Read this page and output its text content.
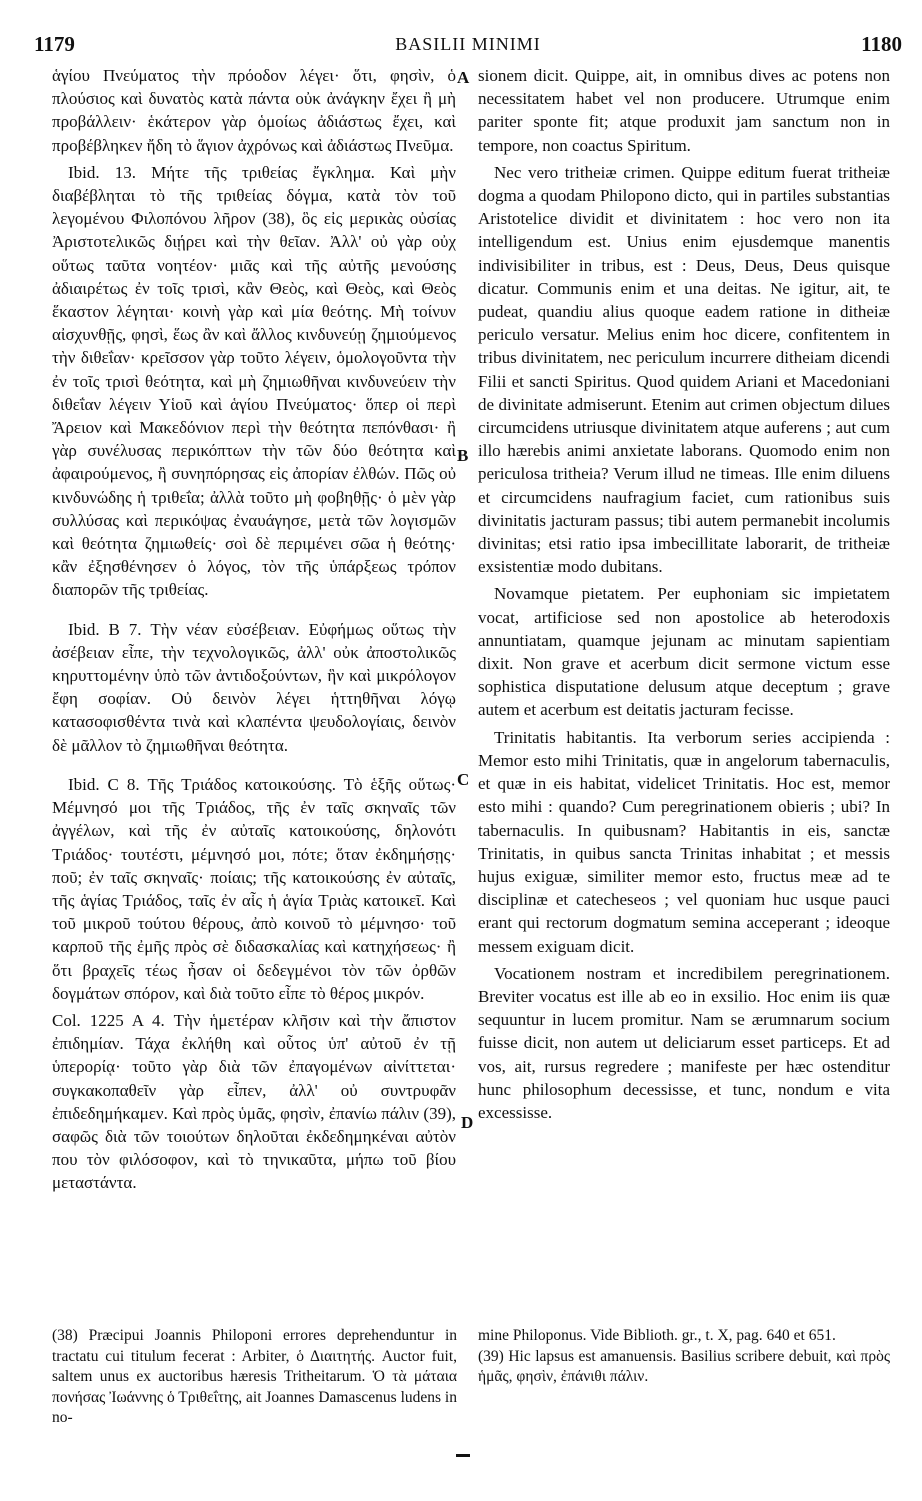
1179	BASILII MINIMI	1180

ἁγίου Πνεύματος τὴν πρόοδον λέγει· ὅτι, φησὶν, ὁ πλούσιος καὶ δυνατὸς κατὰ πάντα οὐκ ἀνάγκην ἔχει ἢ μὴ προβάλλειν· ἑκάτερον γὰρ ὁμοίως ἀδιάστως ἔχει, καὶ προβέβληκεν ἤδη τὸ ἅγιον ἀχρόνως καὶ ἀδιάστως Πνεῦμα.

Ibid. 13. Μήτε τῆς τριθείας ἔγκλημα. Καὶ μὴν διαβέβληται τὸ τῆς τριθείας δόγμα, κατὰ τὸν τοῦ λεγομένου Φιλοπόνου λῆρον (38), ὃς εἰς μερικὰς οὐσίας Ἀριστοτελικῶς διῄρει καὶ τὴν θεῖαν. Ἀλλ' οὐ γὰρ οὐχ οὕτως ταῦτα νοητέον· μιᾶς καὶ τῆς αὐτῆς μενούσης ἀδιαιρέτως ἐν τοῖς τρισὶ, κἂν Θεὸς, καὶ Θεὸς, καὶ Θεὸς ἕκαστον λέγηται· κοινὴ γὰρ καὶ μία θεότης. Μὴ τοίνυν αἰσχυνθῇς, φησὶ, ἕως ἂν καὶ ἄλλος κινδυνεύῃ ζημιούμενος τὴν διθεΐαν· κρεῖσσον γὰρ τοῦτο λέγειν, ὁμολογοῦντα τὴν ἐν τοῖς τρισὶ θεότητα, καὶ μὴ ζημιωθῆναι κινδυνεύειν τὴν διθεΐαν λέγειν Υἱοῦ καὶ ἁγίου Πνεύματος· ὅπερ οἱ περὶ Ἄρειον καὶ Μακεδόνιον περὶ τὴν θεότητα πεπόνθασι· ἢ γὰρ συνέλυσας περικόπτων τὴν τῶν δύο θεότητα καὶ ἀφαιρούμενος, ἢ συνηπόρησας εἰς ἀπορίαν ἐλθών. Πῶς οὐ κινδυνώδης ἡ τριθεΐα; ἀλλὰ τοῦτο μὴ φοβηθῇς· ὁ μὲν γὰρ συλλύσας καὶ περικόψας ἐναυάγησε, μετὰ τῶν λογισμῶν καὶ θεότητα ζημιωθείς· σοὶ δὲ περιμένει σῶα ἡ θεότης· κἂν ἐξησθένησεν ὁ λόγος, τὸν τῆς ὑπάρξεως τρόπον διαπορῶν τῆς τριθείας.

Ibid. B 7. Τὴν νέαν εὐσέβειαν. Εὐφήμως οὕτως τὴν ἀσέβειαν εἶπε, τὴν τεχνολογικῶς, ἀλλ' οὐκ ἀποστολικῶς κηρυττομένην ὑπὸ τῶν ἀντιδοξούντων, ἣν καὶ μικρόλογον ἔφη σοφίαν. Οὐ δεινὸν λέγει ἡττηθῆναι λόγῳ κατασοφισθέντα τινὰ καὶ κλαπέντα ψευδολογίαις, δεινὸν δὲ μᾶλλον τὸ ζημιωθῆναι θεότητα.

Ibid. C 8. Τῆς Τριάδος κατοικούσης. Τὸ ἑξῆς οὕτως· Μέμνησό μοι τῆς Τριάδος, τῆς ἐν ταῖς σκηναῖς τῶν ἀγγέλων, καὶ τῆς ἐν αὐταῖς κατοικούσης, δηλονότι Τριάδος· τουτέστι, μέμνησό μοι, πότε; ὅταν ἐκδημήσῃς· ποῦ; ἐν ταῖς σκηναῖς· ποίαις; τῆς κατοικούσης ἐν αὐταῖς, τῆς ἁγίας Τριάδος, ταῖς ἐν αἷς ἡ ἁγία Τριὰς κατοικεῖ. Καὶ τοῦ μικροῦ τούτου θέρους, ἀπὸ κοινοῦ τὸ μέμνησο· τοῦ καρποῦ τῆς ἐμῆς πρὸς σὲ διδασκαλίας καὶ κατηχήσεως· ἢ ὅτι βραχεῖς τέως ἦσαν οἱ δεδεγμένοι τὸν τῶν ὀρθῶν δογμάτων σπόρον, καὶ διὰ τοῦτο εἶπε τὸ θέρος μικρόν.

Col. 1225 A 4. Τὴν ἡμετέραν κλῆσιν καὶ τὴν ἄπιστον ἐπιδημίαν. Τάχα ἐκλήθη καὶ οὗτος ὑπ' αὐτοῦ ἐν τῇ ὑπερορίᾳ· τοῦτο γὰρ διὰ τῶν ἐπαγομένων αἰνίττεται· συγκακοπαθεῖν γὰρ εἶπεν, ἀλλ' οὐ συντρυφᾶν ἐπιδεδημήκαμεν. Καὶ πρὸς ὑμᾶς, φησὶν, ἐπανίω πάλιν (39), σαφῶς διὰ τῶν τοιούτων δηλοῦται ἐκδεδημηκέναι αὐτὸν που τὸν φιλόσοφον, καὶ τὸ τηνικαῦτα, μήπω τοῦ βίου μεταστάντα.

sionem dicit. Quippe, ait, in omnibus dives ac potens non necessitatem habet vel non producere. Utrumque enim pariter sponte fit; atque produxit jam sanctum non in tempore, non coactus Spiritum.

Nec vero tritheiæ crimen. Quippe editum fuerat tritheiæ dogma a quodam Philopono dicto, qui in partiles substantias Aristotelice dividit et divinitatem : hoc vero non ita intelligendum est. Unius enim ejusdemque manentis indivisibiliter in tribus, est : Deus, Deus, Deus quisque dicatur. Communis enim et una deitas. Ne igitur, ait, te pudeat, quandiu alius quoque eadem ratione in ditheiæ periculo versatur. Melius enim hoc dicere, confitentem in tribus divinitatem, nec periculum incurrere ditheiam dicendi Filii et sancti Spiritus. Quod quidem Ariani et Macedoniani de divinitate admiserunt. Etenim aut crimen objectum dilues circumcidens utriusque divinitatem atque auferens ; aut cum illo hærebis animi anxietate laborans. Quomodo enim non periculosa tritheia? Verum illud ne timeas. Ille enim diluens et circumcidens naufragium faciet, cum rationibus suis divinitatis jacturam passus; tibi autem permanebit incolumis divinitas; etsi ratio ipsa imbecillitate laborarit, de tritheiæ exsistentiæ modo dubitans.

Novamque pietatem. Per euphoniam sic impietatem vocat, artificiose sed non apostolice ab heterodoxis annuntiatam, quamque jejunam ac minutam sapientiam dixit. Non grave et acerbum dicit sermone victum esse sophistica disputatione delusum atque deceptum ; grave autem et acerbum est deitatis jacturam fecisse.

Trinitatis habitantis. Ita verborum series accipienda : Memor esto mihi Trinitatis, quæ in angelorum tabernaculis, et quæ in eis habitat, videlicet Trinitatis. Hoc est, memor esto mihi : quando? Cum peregrinationem obieris ; ubi? In tabernaculis. In quibusnam? Habitantis in eis, sanctæ Trinitatis, in quibus sancta Trinitas inhabitat ; et messis hujus exiguæ, similiter memor esto, fructus meæ ad te disciplinæ et catecheseos ; vel quoniam huc usque pauci erant qui rectorum dogmatum semina acceperant ; ideoque messem exiguam dicit.

Vocationem nostram et incredibilem peregrinationem. Breviter vocatus est ille ab eo in exsilio. Hoc enim iis quæ sequuntur in lucem promitur. Nam se ærumnarum socium fuisse dicit, non autem ut deliciarum esset particeps. Et ad vos, ait, rursus regredere ; manifeste per hæc ostenditur hunc philosophum decessisse, et tunc, nondum e vita excessisse.

A
B
C
D

(38) Præcipui Joannis Philoponi errores deprehenduntur in tractatu cui titulum fecerat : Arbiter, ὁ Διαιτητής. Auctor fuit, saltem unus ex auctoribus hæresis Tritheitarum. Ὁ τὰ μάταια πονήσας Ἰωάννης ὁ Τριθεΐτης, ait Joannes Damascenus ludens in no-

mine Philoponus. Vide Biblioth. gr., t. X, pag. 640 et 651.

(39) Hic lapsus est amanuensis. Basilius scribere debuit, καὶ πρὸς ἡμᾶς, φησὶν, ἐπάνιθι πάλιν.
